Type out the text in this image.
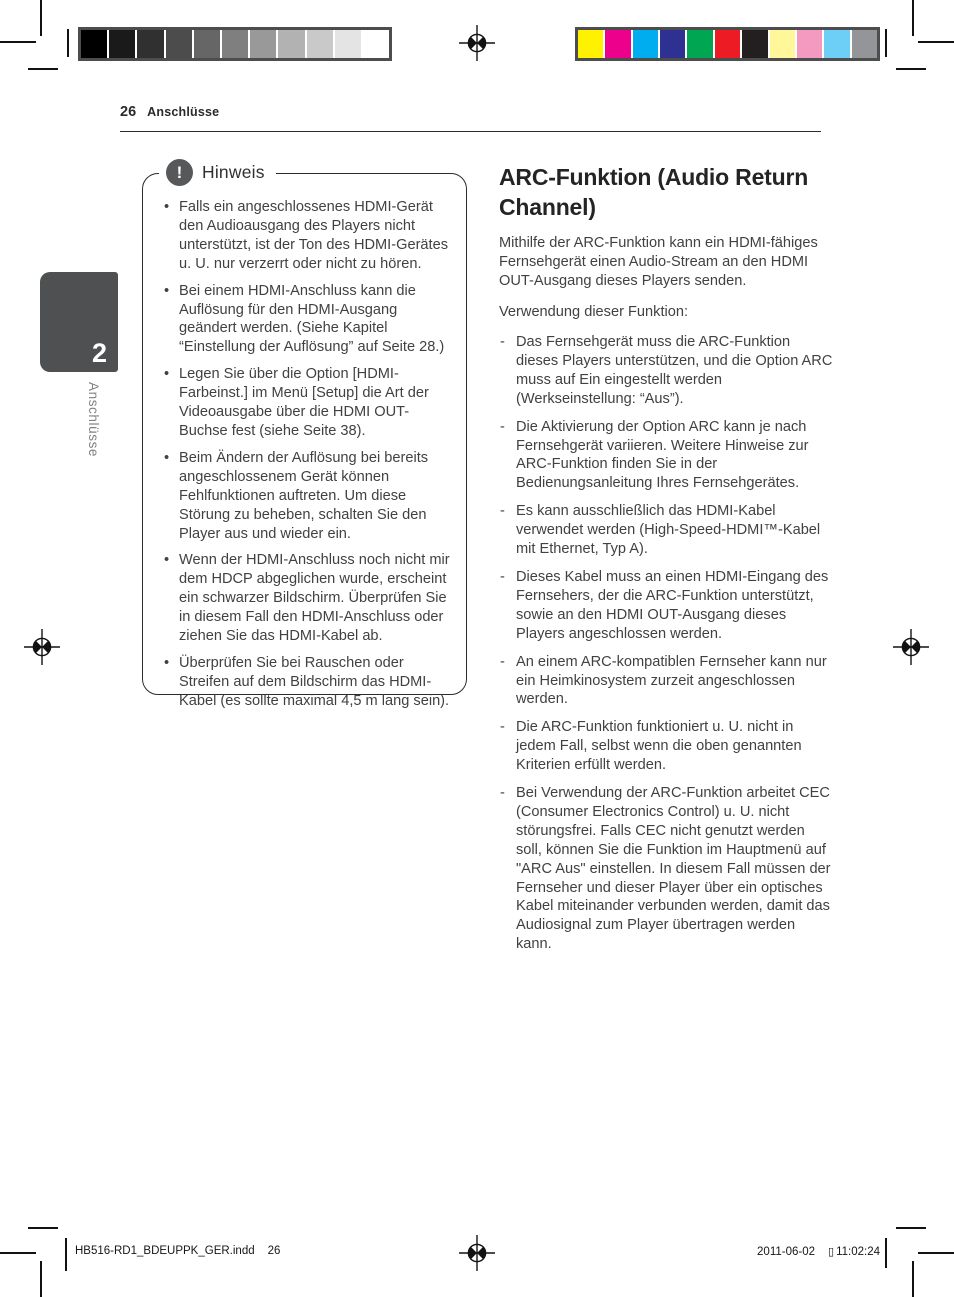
26 Anschlüsse
2
Anschlüsse
!	Hinweis
• Falls ein angeschlossenes HDMI-Gerät den Audioausgang des Players nicht unterstützt, ist der Ton des HDMI-Gerätes u. U. nur verzerrt oder nicht zu hören.
• Bei einem HDMI-Anschluss kann die Auflösung für den HDMI-Ausgang geändert werden. (Siehe Kapitel “Einstellung der Auflösung” auf Seite 28.)
• Legen Sie über die Option [HDMI-Farbeinst.] im Menü [Setup] die Art der Videoausgabe über die HDMI OUT-Buchse fest (siehe Seite 38).
• Beim Ändern der Auflösung bei bereits angeschlossenem Gerät können Fehlfunktionen auftreten. Um diese Störung zu beheben, schalten Sie den Player aus und wieder ein.
• Wenn der HDMI-Anschluss noch nicht mir dem HDCP abgeglichen wurde, erscheint ein schwarzer Bildschirm. Überprüfen Sie in diesem Fall den HDMI-Anschluss oder ziehen Sie das HDMI-Kabel ab.
• Überprüfen Sie bei Rauschen oder Streifen auf dem Bildschirm das HDMI-Kabel (es sollte maximal 4,5 m lang sein).
ARC-Funktion (Audio Return Channel)

Mithilfe der ARC-Funktion kann ein HDMI-fähiges Fernsehgerät einen Audio-Stream an den HDMI OUT-Ausgang dieses Players senden.

Verwendung dieser Funktion:

- Das Fernsehgerät muss die ARC-Funktion dieses Players unterstützen, und die Option ARC muss auf Ein eingestellt werden (Werkseinstellung: “Aus”).
- Die Aktivierung der Option ARC kann je nach Fernsehgerät variieren. Weitere Hinweise zur ARC-Funktion finden Sie in der Bedienungsanleitung Ihres Fernsehgerätes.
- Es kann ausschließlich das HDMI-Kabel verwendet werden (High-Speed-HDMI™-Kabel mit Ethernet, Typ A).
- Dieses Kabel muss an einen HDMI-Eingang des Fernsehers, der die ARC-Funktion unterstützt, sowie an den HDMI OUT-Ausgang dieses Players angeschlossen werden.
- An einem ARC-kompatiblen Fernseher kann nur ein Heimkinosystem zurzeit angeschlossen werden.
- Die ARC-Funktion funktioniert u. U. nicht in jedem Fall, selbst wenn die oben genannten Kriterien erfüllt werden.
- Bei Verwendung der ARC-Funktion arbeitet CEC (Consumer Electronics Control) u. U. nicht störungsfrei. Falls CEC nicht genutzt werden soll, können Sie die Funktion im Hauptmenü auf "ARC Aus" einstellen. In diesem Fall müssen der Fernseher und dieser Player über ein optisches Kabel miteinander verbunden werden, damit das Audiosignal zum Player übertragen werden kann.
HB516-RD1_BDEUPPK_GER.indd 26	2011-06-02 ▯ 11:02:24
